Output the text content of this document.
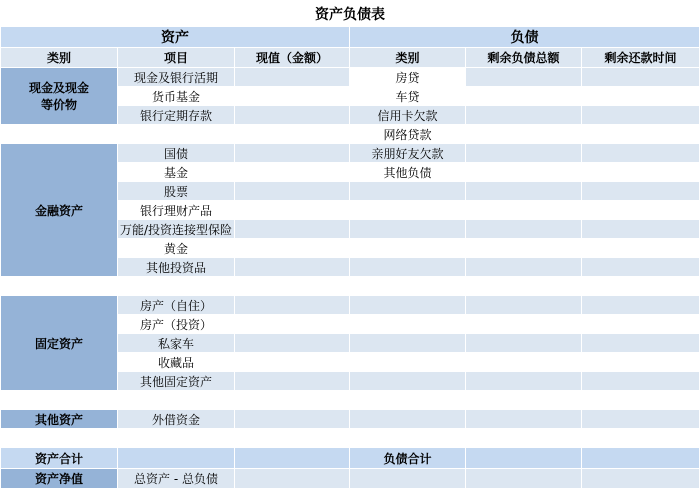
资产负债表					
资产			负债		
类别	项目	现值（金额）	类别	剩余负债总额	剩余还款时间
现金及现金
等价物	现金及银行活期		房贷		
	货币基金		车贷		
	银行定期存款		信用卡欠款		
			网络贷款		
金融资产	国债		亲朋好友欠款		
	基金		其他负债		
	股票				
	银行理财产品				
	万能/投资连接型保险				
	黄金				
	其他投资品				

固定资产	房产（自住）				
	房产（投资）				
	私家车				
	收藏品				
	其他固定资产				

其他资产	外借资金				

资产合计			负债合计		
资产净值	总资产 - 总负债				
